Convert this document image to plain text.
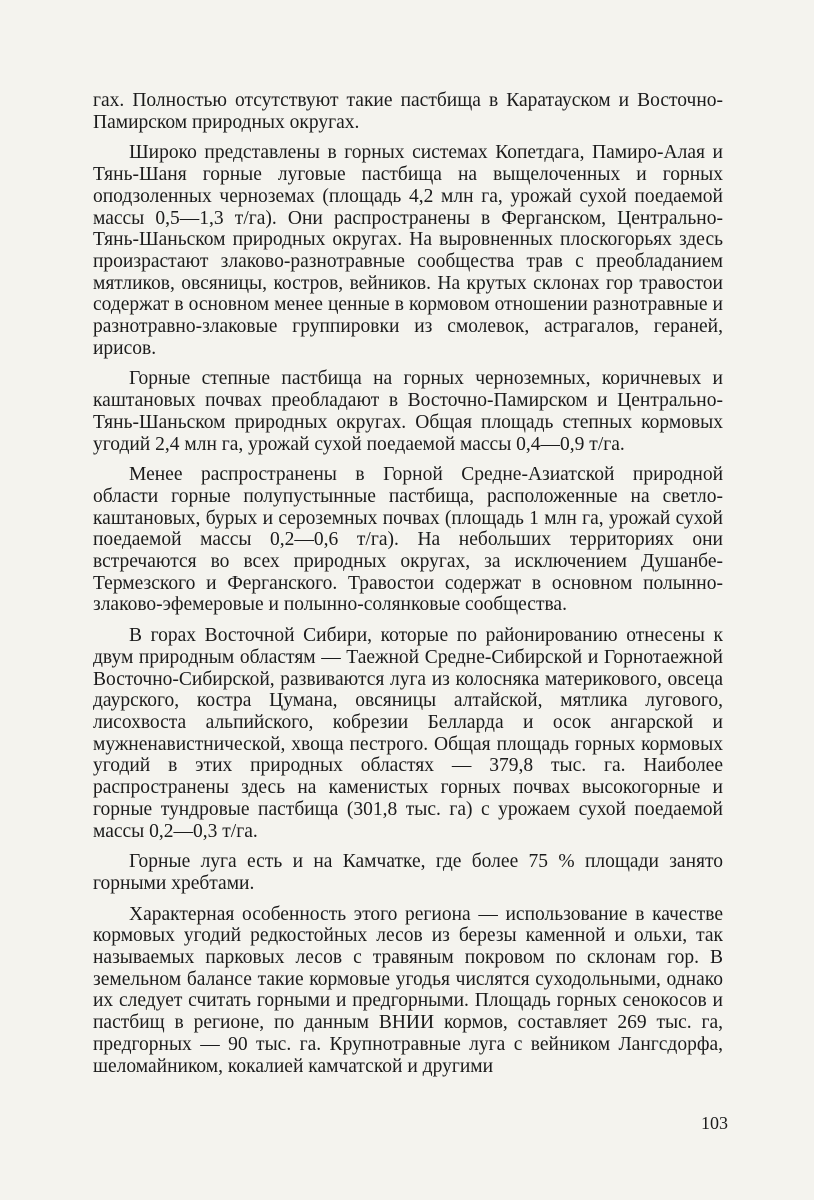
гах. Полностью отсутствуют такие пастбища в Каратауском и Восточно-Памирском природных округах.

Широко представлены в горных системах Копетдага, Памиро-Алая и Тянь-Шаня горные луговые пастбища на выщелоченных и горных оподзоленных черноземах (площадь 4,2 млн га, урожай сухой поедаемой массы 0,5—1,3 т/га). Они распространены в Ферганском, Центрально-Тянь-Шаньском природных округах. На выровненных плоскогорьях здесь произрастают злаково-разнотравные сообщества трав с преобладанием мятликов, овсяницы, костров, вейников. На крутых склонах гор травостои содержат в основном менее ценные в кормовом отношении разнотравные и разнотравно-злаковые группировки из смолевок, астрагалов, гераней, ирисов.

Горные степные пастбища на горных черноземных, коричневых и каштановых почвах преобладают в Восточно-Памирском и Центрально-Тянь-Шаньском природных округах. Общая площадь степных кормовых угодий 2,4 млн га, урожай сухой поедаемой массы 0,4—0,9 т/га.

Менее распространены в Горной Средне-Азиатской природной области горные полупустынные пастбища, расположенные на светло-каштановых, бурых и сероземных почвах (площадь 1 млн га, урожай сухой поедаемой массы 0,2—0,6 т/га). На небольших территориях они встречаются во всех природных округах, за исключением Душанбе-Термезского и Ферганского. Травостои содержат в основном полынно-злаково-эфемеровые и полынно-солянковые сообщества.

В горах Восточной Сибири, которые по районированию отнесены к двум природным областям — Таежной Средне-Сибирской и Горнотаежной Восточно-Сибирской, развиваются луга из колосняка материкового, овсеца даурского, костра Цумана, овсяницы алтайской, мятлика лугового, лисохвоста альпийского, кобрезии Белларда и осок ангарской и мужненавистнической, хвоща пестрого. Общая площадь горных кормовых угодий в этих природных областях — 379,8 тыс. га. Наиболее распространены здесь на каменистых горных почвах высокогорные и горные тундровые пастбища (301,8 тыс. га) с урожаем сухой поедаемой массы 0,2—0,3 т/га.

Горные луга есть и на Камчатке, где более 75 % площади занято горными хребтами.

Характерная особенность этого региона — использование в качестве кормовых угодий редкостойных лесов из березы каменной и ольхи, так называемых парковых лесов с травяным покровом по склонам гор. В земельном балансе такие кормовые угодья числятся суходольными, однако их следует считать горными и предгорными. Площадь горных сенокосов и пастбищ в регионе, по данным ВНИИ кормов, составляет 269 тыс. га, предгорных — 90 тыс. га. Крупнотравные луга с вейником Лангсдорфа, шеломайником, кокалией камчатской и другими

103
